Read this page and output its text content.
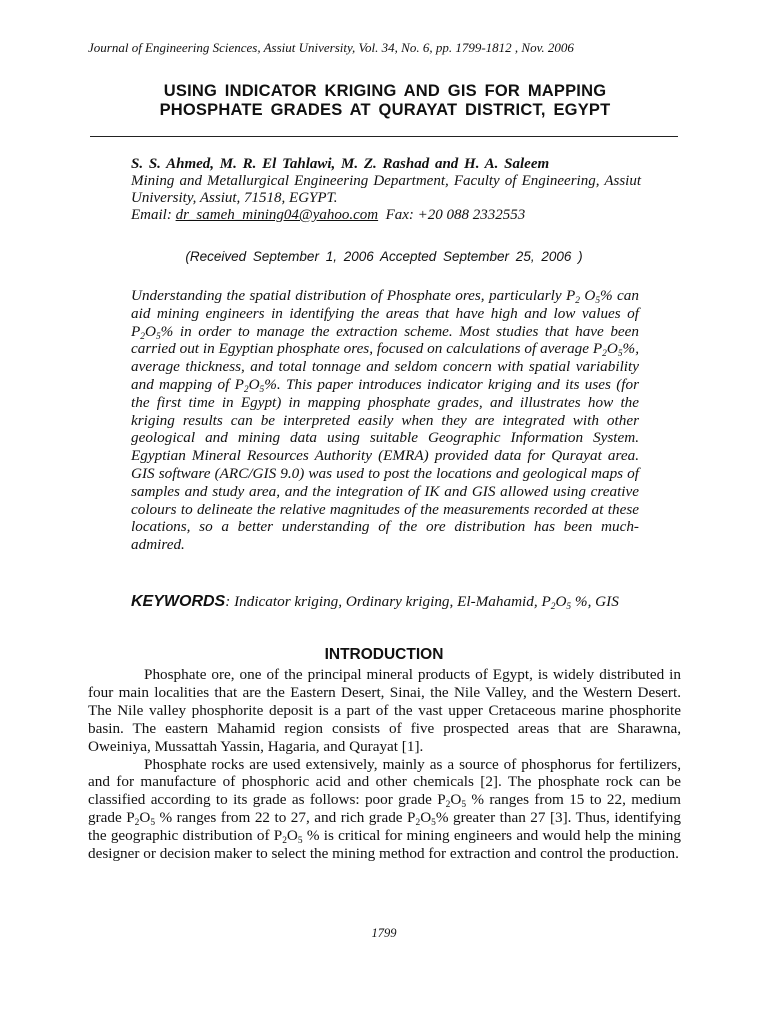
Journal of Engineering Sciences, Assiut University, Vol. 34, No. 6, pp. 1799-1812 , Nov. 2006
USING INDICATOR KRIGING AND GIS FOR MAPPING
PHOSPHATE GRADES AT QURAYAT DISTRICT, EGYPT
S. S. Ahmed, M. R. El Tahlawi, M. Z. Rashad and H. A. Saleem
Mining and Metallurgical Engineering Department, Faculty of Engineering, Assiut University, Assiut, 71518, EGYPT.
Email: dr_sameh_mining04@yahoo.com Fax: +20 088 2332553
(Received September 1, 2006 Accepted September 25, 2006 )
Understanding the spatial distribution of Phosphate ores, particularly $P_2$ $O_5\%$ can aid mining engineers in identifying the areas that have high and low values of $P_2O_5\%$ in order to manage the extraction scheme. Most studies that have been carried out in Egyptian phosphate ores, focused on calculations of average $P_2O_5\%$, average thickness, and total tonnage and seldom concern with spatial variability and mapping of $P_2O_5\%$. This paper introduces indicator kriging and its uses (for the first time in Egypt) in mapping phosphate grades, and illustrates how the kriging results can be interpreted easily when they are integrated with other geological and mining data using suitable Geographic Information System. Egyptian Mineral Resources Authority (EMRA) provided data for Qurayat area. GIS software (ARC/GIS 9.0) was used to post the locations and geological maps of samples and study area, and the integration of IK and GIS allowed using creative colours to delineate the relative magnitudes of the measurements recorded at these locations, so a better understanding of the ore distribution has been much-admired.
KEYWORDS: Indicator kriging, Ordinary kriging, El-Mahamid, $P_2O_5$ %, GIS
INTRODUCTION

Phosphate ore, one of the principal mineral products of Egypt, is widely distributed in four main localities that are the Eastern Desert, Sinai, the Nile Valley, and the Western Desert. The Nile valley phosphorite deposit is a part of the vast upper Cretaceous marine phosphorite basin. The eastern Mahamid region consists of five prospected areas that are Sharawna, Oweiniya, Mussattah Yassin, Hagaria, and Qurayat [1].

Phosphate rocks are used extensively, mainly as a source of phosphorus for fertilizers, and for manufacture of phosphoric acid and other chemicals [2]. The phosphate rock can be classified according to its grade as follows: poor grade $P_2O_5$ % ranges from 15 to 22, medium grade $P_2O_5$ % ranges from 22 to 27, and rich grade $P_2O_5\%$ greater than 27 [3]. Thus, identifying the geographic distribution of $P_2O_5$ % is critical for mining engineers and would help the mining designer or decision maker to select the mining method for extraction and control the production.

1799
